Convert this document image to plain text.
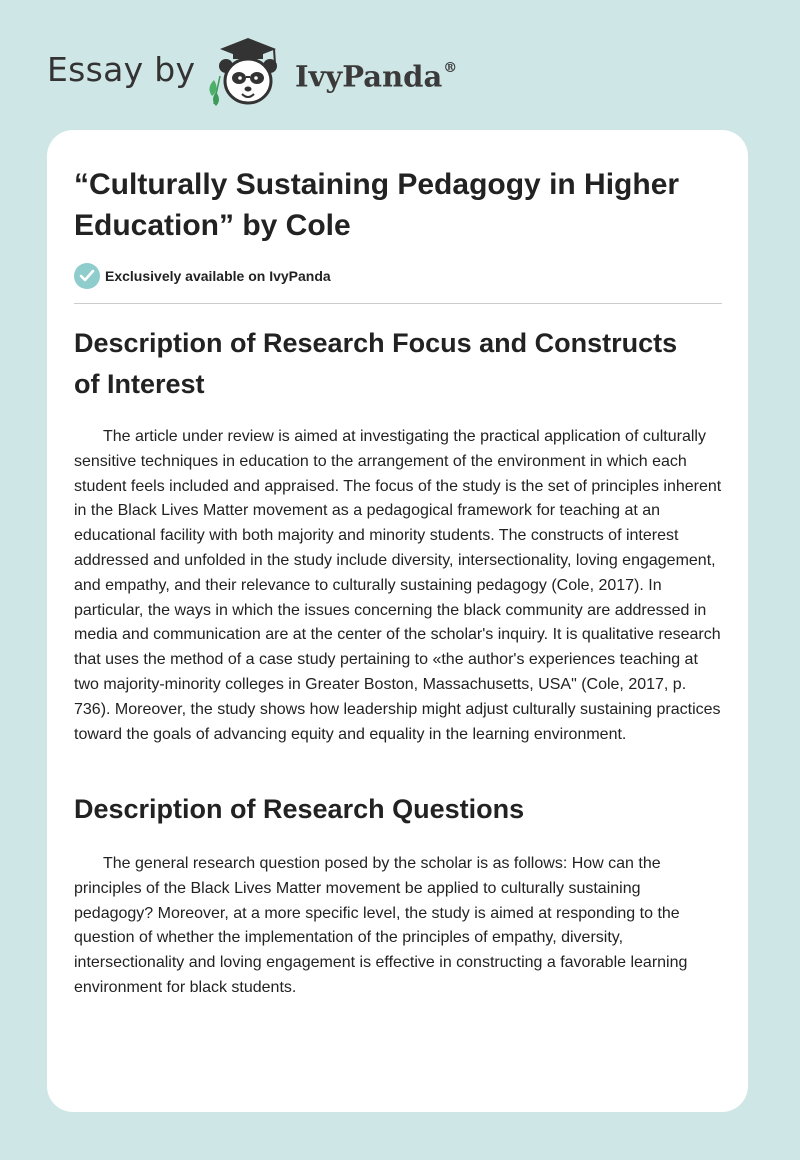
Essay by	IvyPanda®
“Culturally Sustaining Pedagogy in Higher Education” by Cole
Exclusively available on IvyPanda
Description of Research Focus and Constructs of Interest

The article under review is aimed at investigating the practical application of culturally sensitive techniques in education to the arrangement of the environment in which each student feels included and appraised. The focus of the study is the set of principles inherent in the Black Lives Matter movement as a pedagogical framework for teaching at an educational facility with both majority and minority students. The constructs of interest addressed and unfolded in the study include diversity, intersectionality, loving engagement, and empathy, and their relevance to culturally sustaining pedagogy (Cole, 2017). In particular, the ways in which the issues concerning the black community are addressed in media and communication are at the center of the scholar's inquiry. It is qualitative research that uses the method of a case study pertaining to «the author's experiences teaching at two majority-minority colleges in Greater Boston, Massachusetts, USA" (Cole, 2017, p. 736). Moreover, the study shows how leadership might adjust culturally sustaining practices toward the goals of advancing equity and equality in the learning environment.

Description of Research Questions

The general research question posed by the scholar is as follows: How can the principles of the Black Lives Matter movement be applied to culturally sustaining pedagogy? Moreover, at a more specific level, the study is aimed at responding to the question of whether the implementation of the principles of empathy, diversity, intersectionality and loving engagement is effective in constructing a favorable learning environment for black students.
